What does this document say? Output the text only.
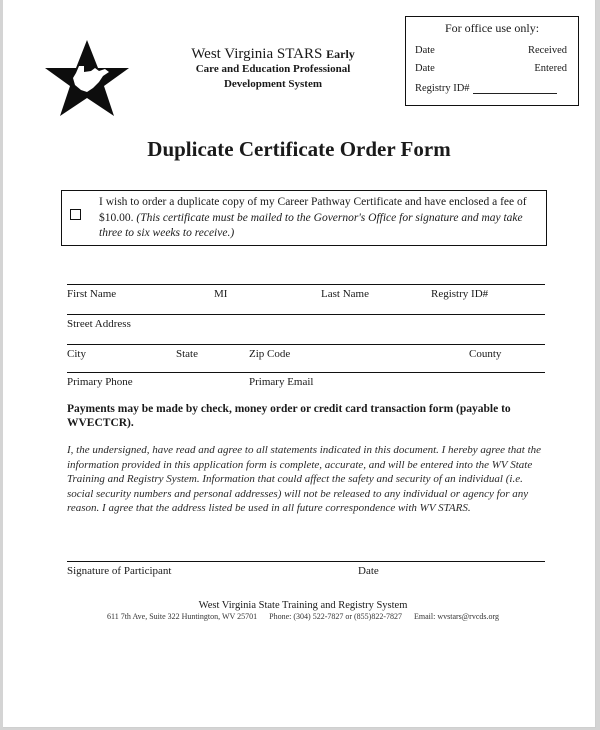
West Virginia STARS Early
Care and Education Professional
Development System
For office use only:
Date	Received
Date	Entered
Registry ID#
Duplicate Certificate Order Form
I wish to order a duplicate copy of my Career Pathway Certificate and have enclosed a fee of $10.00. (This certificate must be mailed to the Governor's Office for signature and may take three to six weeks to receive.)
First Name	MI	Last Name	Registry ID#
Street Address
City	State	Zip Code	County
Primary Phone	Primary Email
Payments may be made by check, money order or credit card transaction form (payable to WVECTCR).
I, the undersigned, have read and agree to all statements indicated in this document. I hereby agree that the information provided in this application form is complete, accurate, and will be entered into the WV State Training and Registry System. Information that could affect the safety and security of an individual (i.e. social security numbers and personal addresses) will not be released to any individual or agency for any reason. I agree that the address listed be used in all future correspondence with WV STARS.
Signature of Participant	Date
West Virginia State Training and Registry System
611 7th Ave, Suite 322 Huntington, WV 25701 Phone: (304) 522-7827 or (855)822-7827 Email: wvstars@rvcds.org
